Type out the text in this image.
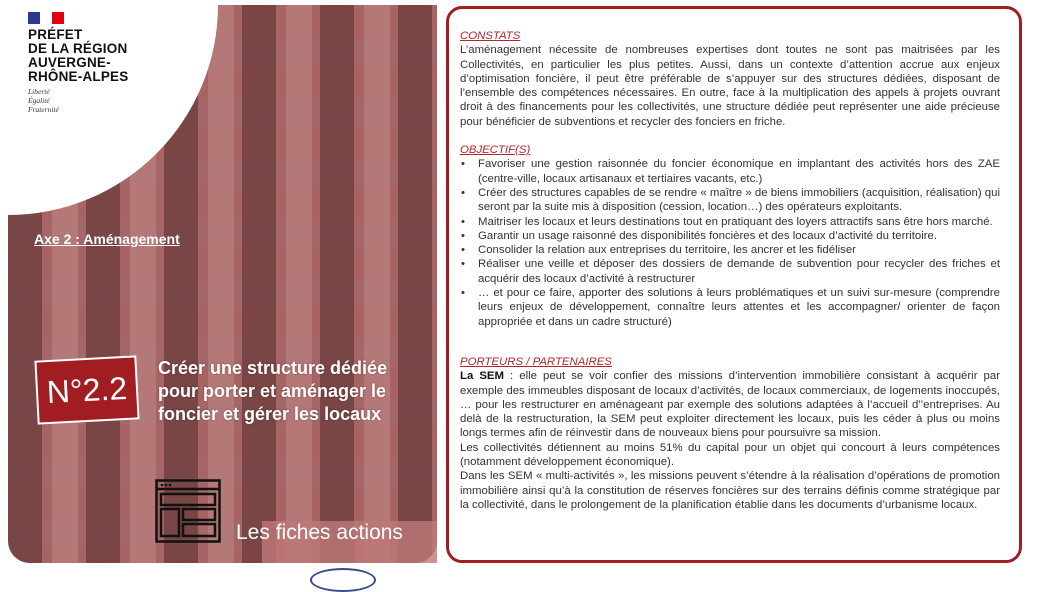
PRÉFET
DE LA RÉGION
AUVERGNE-
RHÔNE-ALPES
Liberté
Égalité
Fraternité
Axe 2 : Aménagement
N°2.2
Créer une structure dédiée
pour porter et aménager le
foncier et gérer les locaux
Les fiches actions
CONSTATS

L’aménagement nécessite de nombreuses expertises dont toutes ne sont pas maitrisées par les Collectivités, en particulier les plus petites. Aussi, dans un contexte d’attention accrue aux enjeux d’optimisation foncière, il peut être préférable de s’appuyer sur des structures dédiées, disposant de l’ensemble des compétences nécessaires. En outre, face à la multiplication des appels à projets ouvrant droit à des financements pour les collectivités, une structure dédiée peut représenter une aide précieuse pour bénéficier de subventions et recycler des fonciers en friche.

OBJECTIF(S)
• Favoriser une gestion raisonnée du foncier économique en implantant des activités hors des ZAE (centre-ville, locaux artisanaux et tertiaires vacants, etc.)
• Créer des structures capables de se rendre « maître » de biens immobiliers (acquisition, réalisation) qui seront par la suite mis à disposition (cession, location…) des opérateurs exploitants.
• Maitriser les locaux et leurs destinations tout en pratiquant des loyers attractifs sans être hors marché.
• Garantir un usage raisonné des disponibilités foncières et des locaux d’activité du territoire.
• Consolider la relation aux entreprises du territoire, les ancrer et les fidéliser
• Réaliser une veille et déposer des dossiers de demande de subvention pour recycler des friches et acquérir des locaux d’activité à restructurer
• … et pour ce faire, apporter des solutions à leurs problématiques et un suivi sur-mesure (comprendre leurs enjeux de développement, connaître leurs attentes et les accompagner/ orienter de façon appropriée et dans un cadre structuré)
PORTEURS / PARTENAIRES

La SEM : elle peut se voir confier des missions d’intervention immobilière consistant à acquérir par exemple des immeubles disposant de locaux d’activités, de locaux commerciaux, de logements inoccupés, … pour les restructurer en aménageant par exemple des solutions adaptées à l’accueil d’’entreprises. Au delà de la restructuration, la SEM peut exploiter directement les locaux, puis les céder à plus ou moins longs termes afin de réinvestir dans de nouveaux biens pour poursuivre sa mission.

Les collectivités détiennent au moins 51% du capital pour un objet qui concourt à leurs compétences (notamment développement économique).

Dans les SEM « multi-activités », les missions peuvent s’étendre à la réalisation d’opérations de promotion immobilière ainsi qu’à la constitution de réserves foncières sur des terrains définis comme stratégique par la collectivité, dans le prolongement de la planification établie dans les documents d’urbanisme locaux.
